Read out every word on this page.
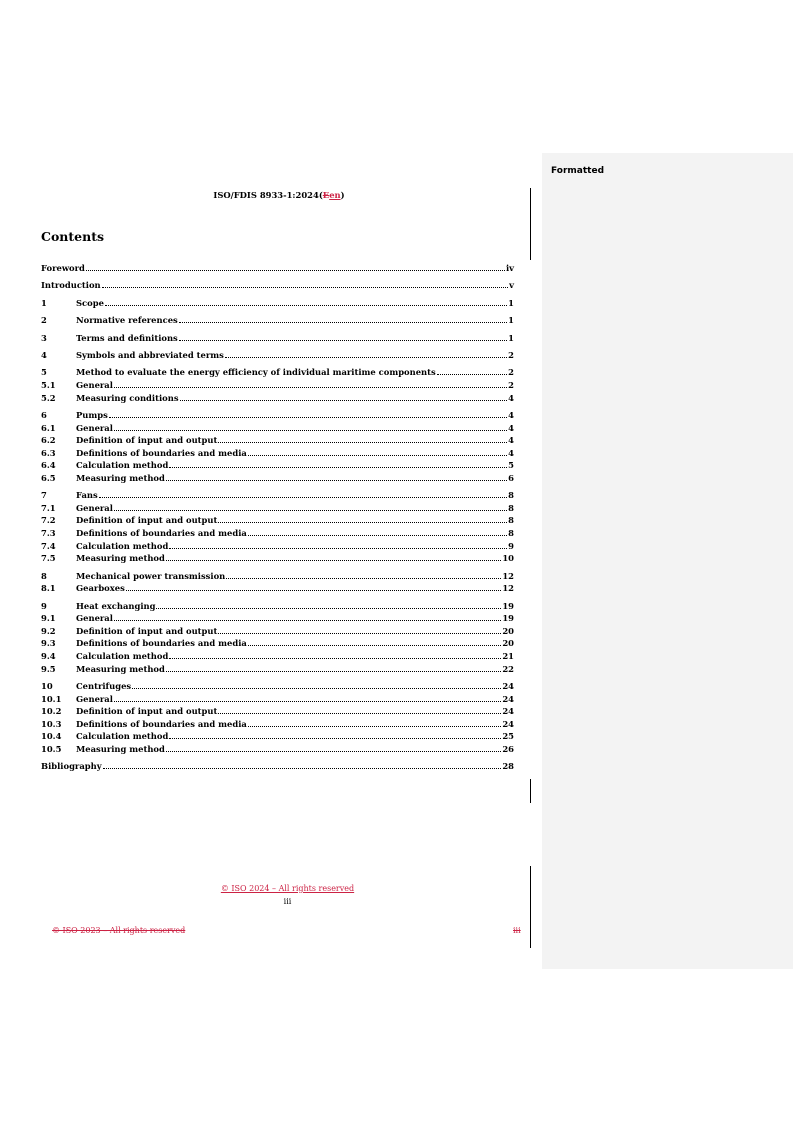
Formatted
ISO/FDIS 8933-1:2024(Een)
Contents
Foreword	iv
Introduction	v
1	Scope	1
2	Normative references	1
3	Terms and definitions	1
4	Symbols and abbreviated terms	2
5	Method to evaluate the energy efficiency of individual maritime components	2
5.1	General	2
5.2	Measuring conditions	4
6	Pumps	4
6.1	General	4
6.2	Definition of input and output	4
6.3	Definitions of boundaries and media	4
6.4	Calculation method	5
6.5	Measuring method	6
7	Fans	8
7.1	General	8
7.2	Definition of input and output	8
7.3	Definitions of boundaries and media	8
7.4	Calculation method	9
7.5	Measuring method	10
8	Mechanical power transmission	12
8.1	Gearboxes	12
9	Heat exchanging	19
9.1	General	19
9.2	Definition of input and output	20
9.3	Definitions of boundaries and media	20
9.4	Calculation method	21
9.5	Measuring method	22
10	Centrifuges	24
10.1	General	24
10.2	Definition of input and output	24
10.3	Definitions of boundaries and media	24
10.4	Calculation method	25
10.5	Measuring method	26
Bibliography	28
© ISO 2024 – All rights reserved
iii
© ISO 2023 – All rights reserved	iii
